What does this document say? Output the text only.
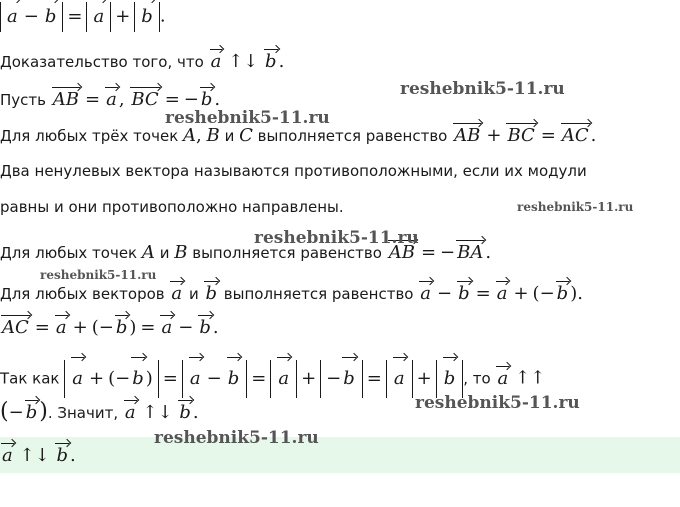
a − b = a + b .
Доказательство того, что a ↑↓ b .
Пусть AB = a , BC = − b .
Для любых трёх точек A, B и C выполняется равенство AB + BC = AC .
Два ненулевых вектора называются противоположными, если их модули
равны и они противоположно направлены.
Для любых точек A и B выполняется равенство AB = − BA .
Для любых векторов a и b выполняется равенство a − b = a + (− b ).
AC = a + (− b ) = a − b .
Так как a + (− b ) = a − b = a + − b = a + b , то a ↑↑
(− b). Значит, a ↑↓ b .
a ↑↓ b .
reshebnik5-11.ru
reshebnik5-11.ru
reshebnik5-11.ru
reshebnik5-11.ru
reshebnik5-11.ru
reshebnik5-11.ru
reshebnik5-11.ru
